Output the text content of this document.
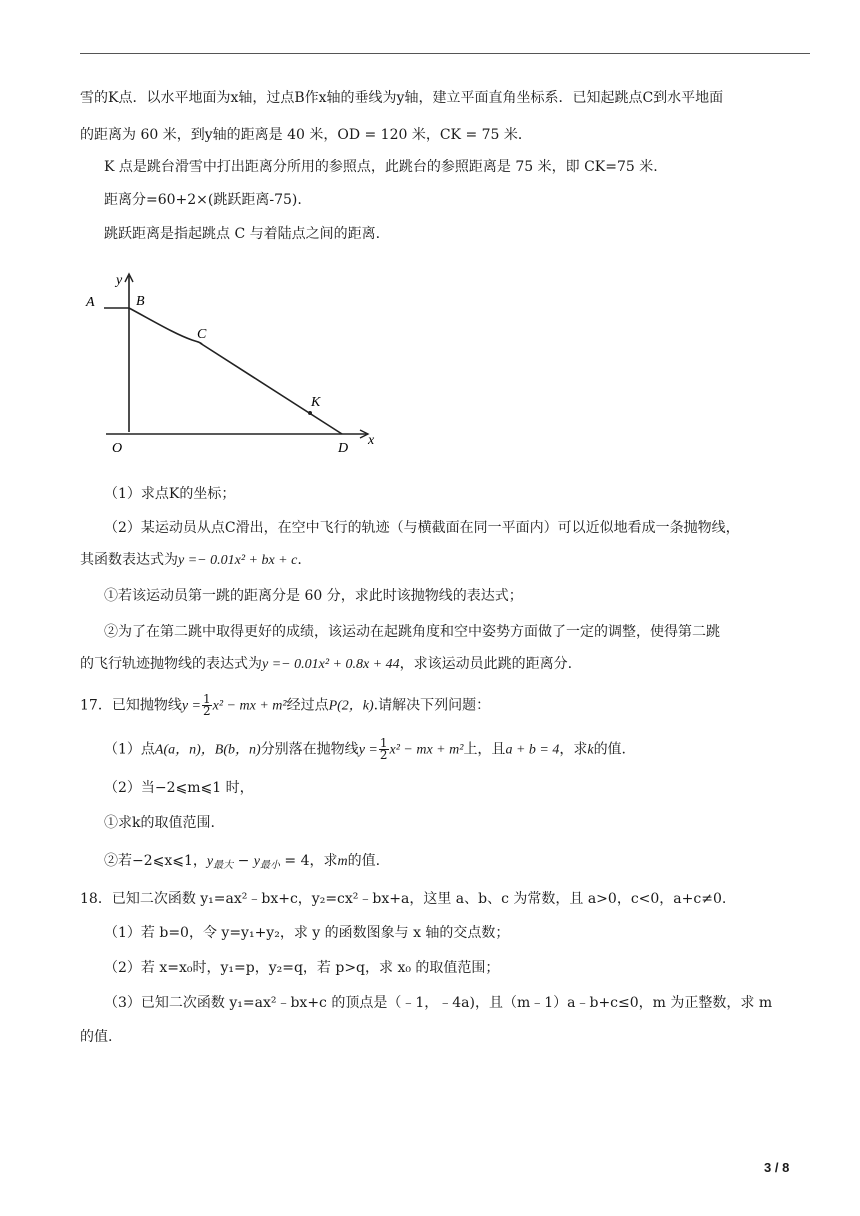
雪的K点．以水平地面为x轴，过点B作x轴的垂线为y轴，建立平面直角坐标系．已知起跳点C到水平地面
的距离为 60 米，到y轴的距离是 40 米，OD = 120 米，CK = 75 米．
K 点是跳台滑雪中打出距离分所用的参照点，此跳台的参照距离是 75 米，即 CK=75 米.
距离分=60+2×(跳跃距离-75).
跳跃距离是指起跳点 C 与着陆点之间的距离.
y
A	B
C
K
O	D
x
（1）求点K的坐标；
（2）某运动员从点C滑出，在空中飞行的轨迹（与横截面在同一平面内）可以近似地看成一条抛物线，
其函数表达式为y =− 0.01x² + bx + c.
①若该运动员第一跳的距离分是 60 分，求此时该抛物线的表达式；
②为了在第二跳中取得更好的成绩，该运动在起跳角度和空中姿势方面做了一定的调整，使得第二跳
的飞行轨迹抛物线的表达式为y =− 0.01x² + 0.8x + 44，求该运动员此跳的距离分.
17．已知抛物线$y = \frac{1}{2} x^2$ − mx + m²经过点P(2，k).请解决下列问题：
（1）点A(a，n)，B(b，n)分别落在抛物线$y = \frac{1}{2} x^2$ − mx + m²上，且a + b = 4，求k的值.
（2）当−2⩽m⩽1 时，
①求k的取值范围.
②若−2⩽x⩽1，$y_{最大} - y_{最小} = 4$，求m的值.
18．已知二次函数 y₁=ax²﹣bx+c，y₂=cx²﹣bx+a，这里 a、b、c 为常数，且 a>0，c<0，a+c≠0.
（1）若 b=0，令 y=y₁+y₂，求 y 的函数图象与 x 轴的交点数；
（2）若 x=x₀时，y₁=p，y₂=q，若 p>q，求 x₀ 的取值范围；
（3）已知二次函数 y₁=ax²﹣bx+c 的顶点是（﹣1，﹣4a)，且（m﹣1）a﹣b+c≤0，m 为正整数，求 m
的值.
3 / 8
